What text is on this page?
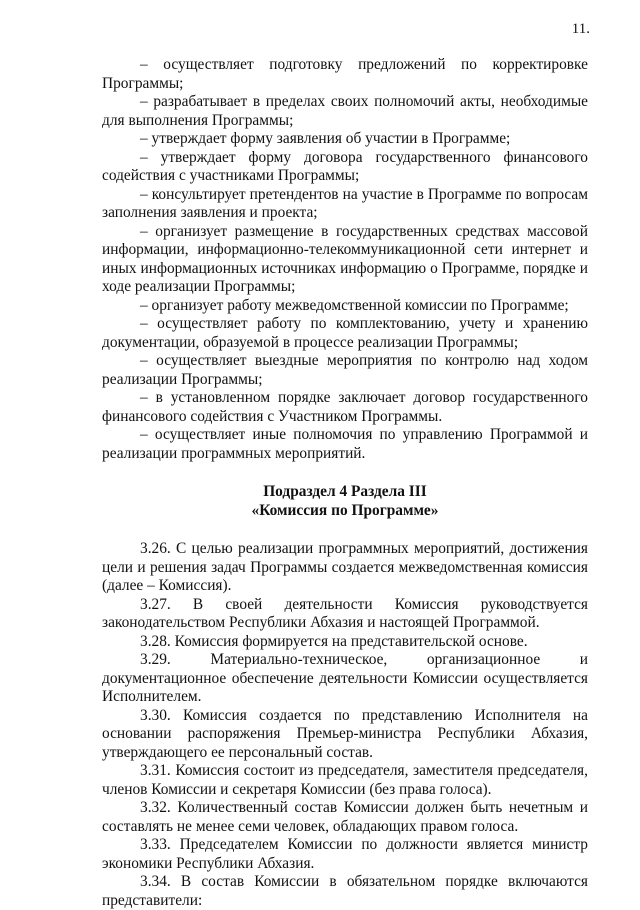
11.

– осуществляет подготовку предложений по корректировке Программы;

– разрабатывает в пределах своих полномочий акты, необходимые для выполнения Программы;

– утверждает форму заявления об участии в Программе;

– утверждает форму договора государственного финансового содействия с участниками Программы;

– консультирует претендентов на участие в Программе по вопросам заполнения заявления и проекта;

– организует размещение в государственных средствах массовой информации, информационно-телекоммуникационной сети интернет и иных информационных источниках информацию о Программе, порядке и ходе реализации Программы;

– организует работу межведомственной комиссии по Программе;

– осуществляет работу по комплектованию, учету и хранению документации, образуемой в процессе реализации Программы;

– осуществляет выездные мероприятия по контролю над ходом реализации Программы;

– в установленном порядке заключает договор государственного финансового содействия с Участником Программы.

– осуществляет иные полномочия по управлению Программой и реализации программных мероприятий.

Подраздел 4 Раздела III

«Комиссия по Программе»

3.26. С целью реализации программных мероприятий, достижения цели и решения задач Программы создается межведомственная комиссия (далее – Комиссия).

3.27. В своей деятельности Комиссия руководствуется законодательством Республики Абхазия и настоящей Программой.

3.28. Комиссия формируется на представительской основе.

3.29. Материально-техническое, организационное и документационное обеспечение деятельности Комиссии осуществляется Исполнителем.

3.30. Комиссия создается по представлению Исполнителя на основании распоряжения Премьер-министра Республики Абхазия, утверждающего ее персональный состав.

3.31. Комиссия состоит из председателя, заместителя председателя, членов Комиссии и секретаря Комиссии (без права голоса).

3.32. Количественный состав Комиссии должен быть нечетным и составлять не менее семи человек, обладающих правом голоса.

3.33. Председателем Комиссии по должности является министр экономики Республики Абхазия.

3.34. В состав Комиссии в обязательном порядке включаются представители:
